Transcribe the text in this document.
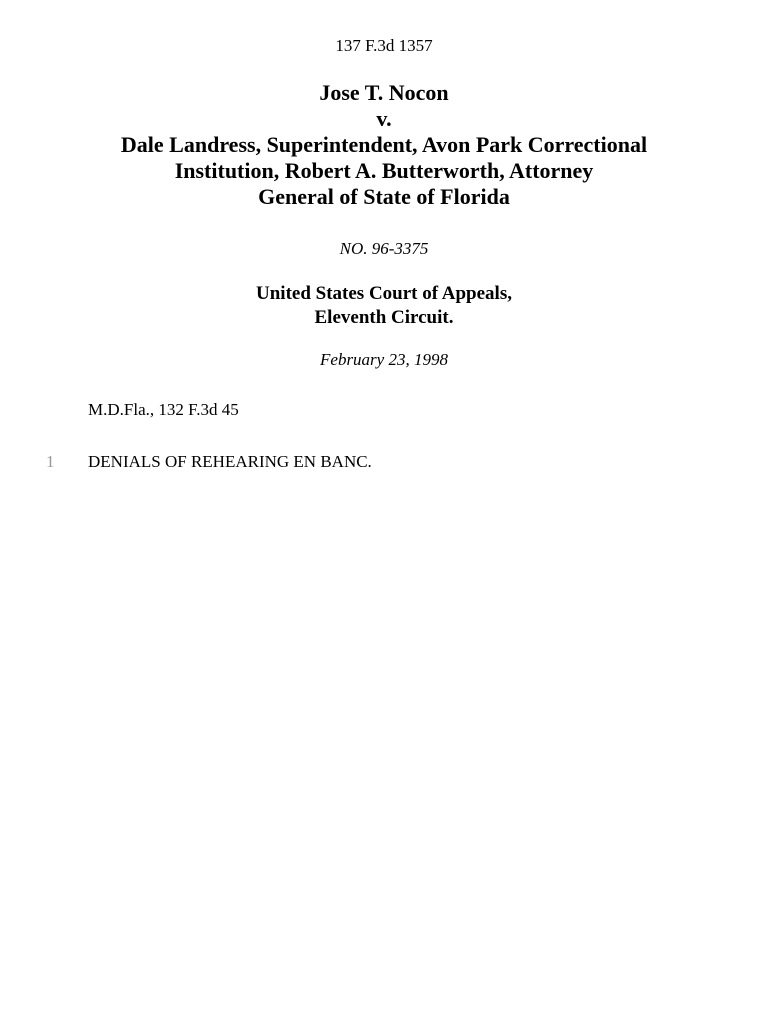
137 F.3d 1357
Jose T. Nocon
v.
Dale Landress, Superintendent, Avon Park Correctional
Institution, Robert A. Butterworth, Attorney
General of State of Florida
NO. 96-3375
United States Court of Appeals,
Eleventh Circuit.
February 23, 1998
M.D.Fla., 132 F.3d 45
1 DENIALS OF REHEARING EN BANC.
